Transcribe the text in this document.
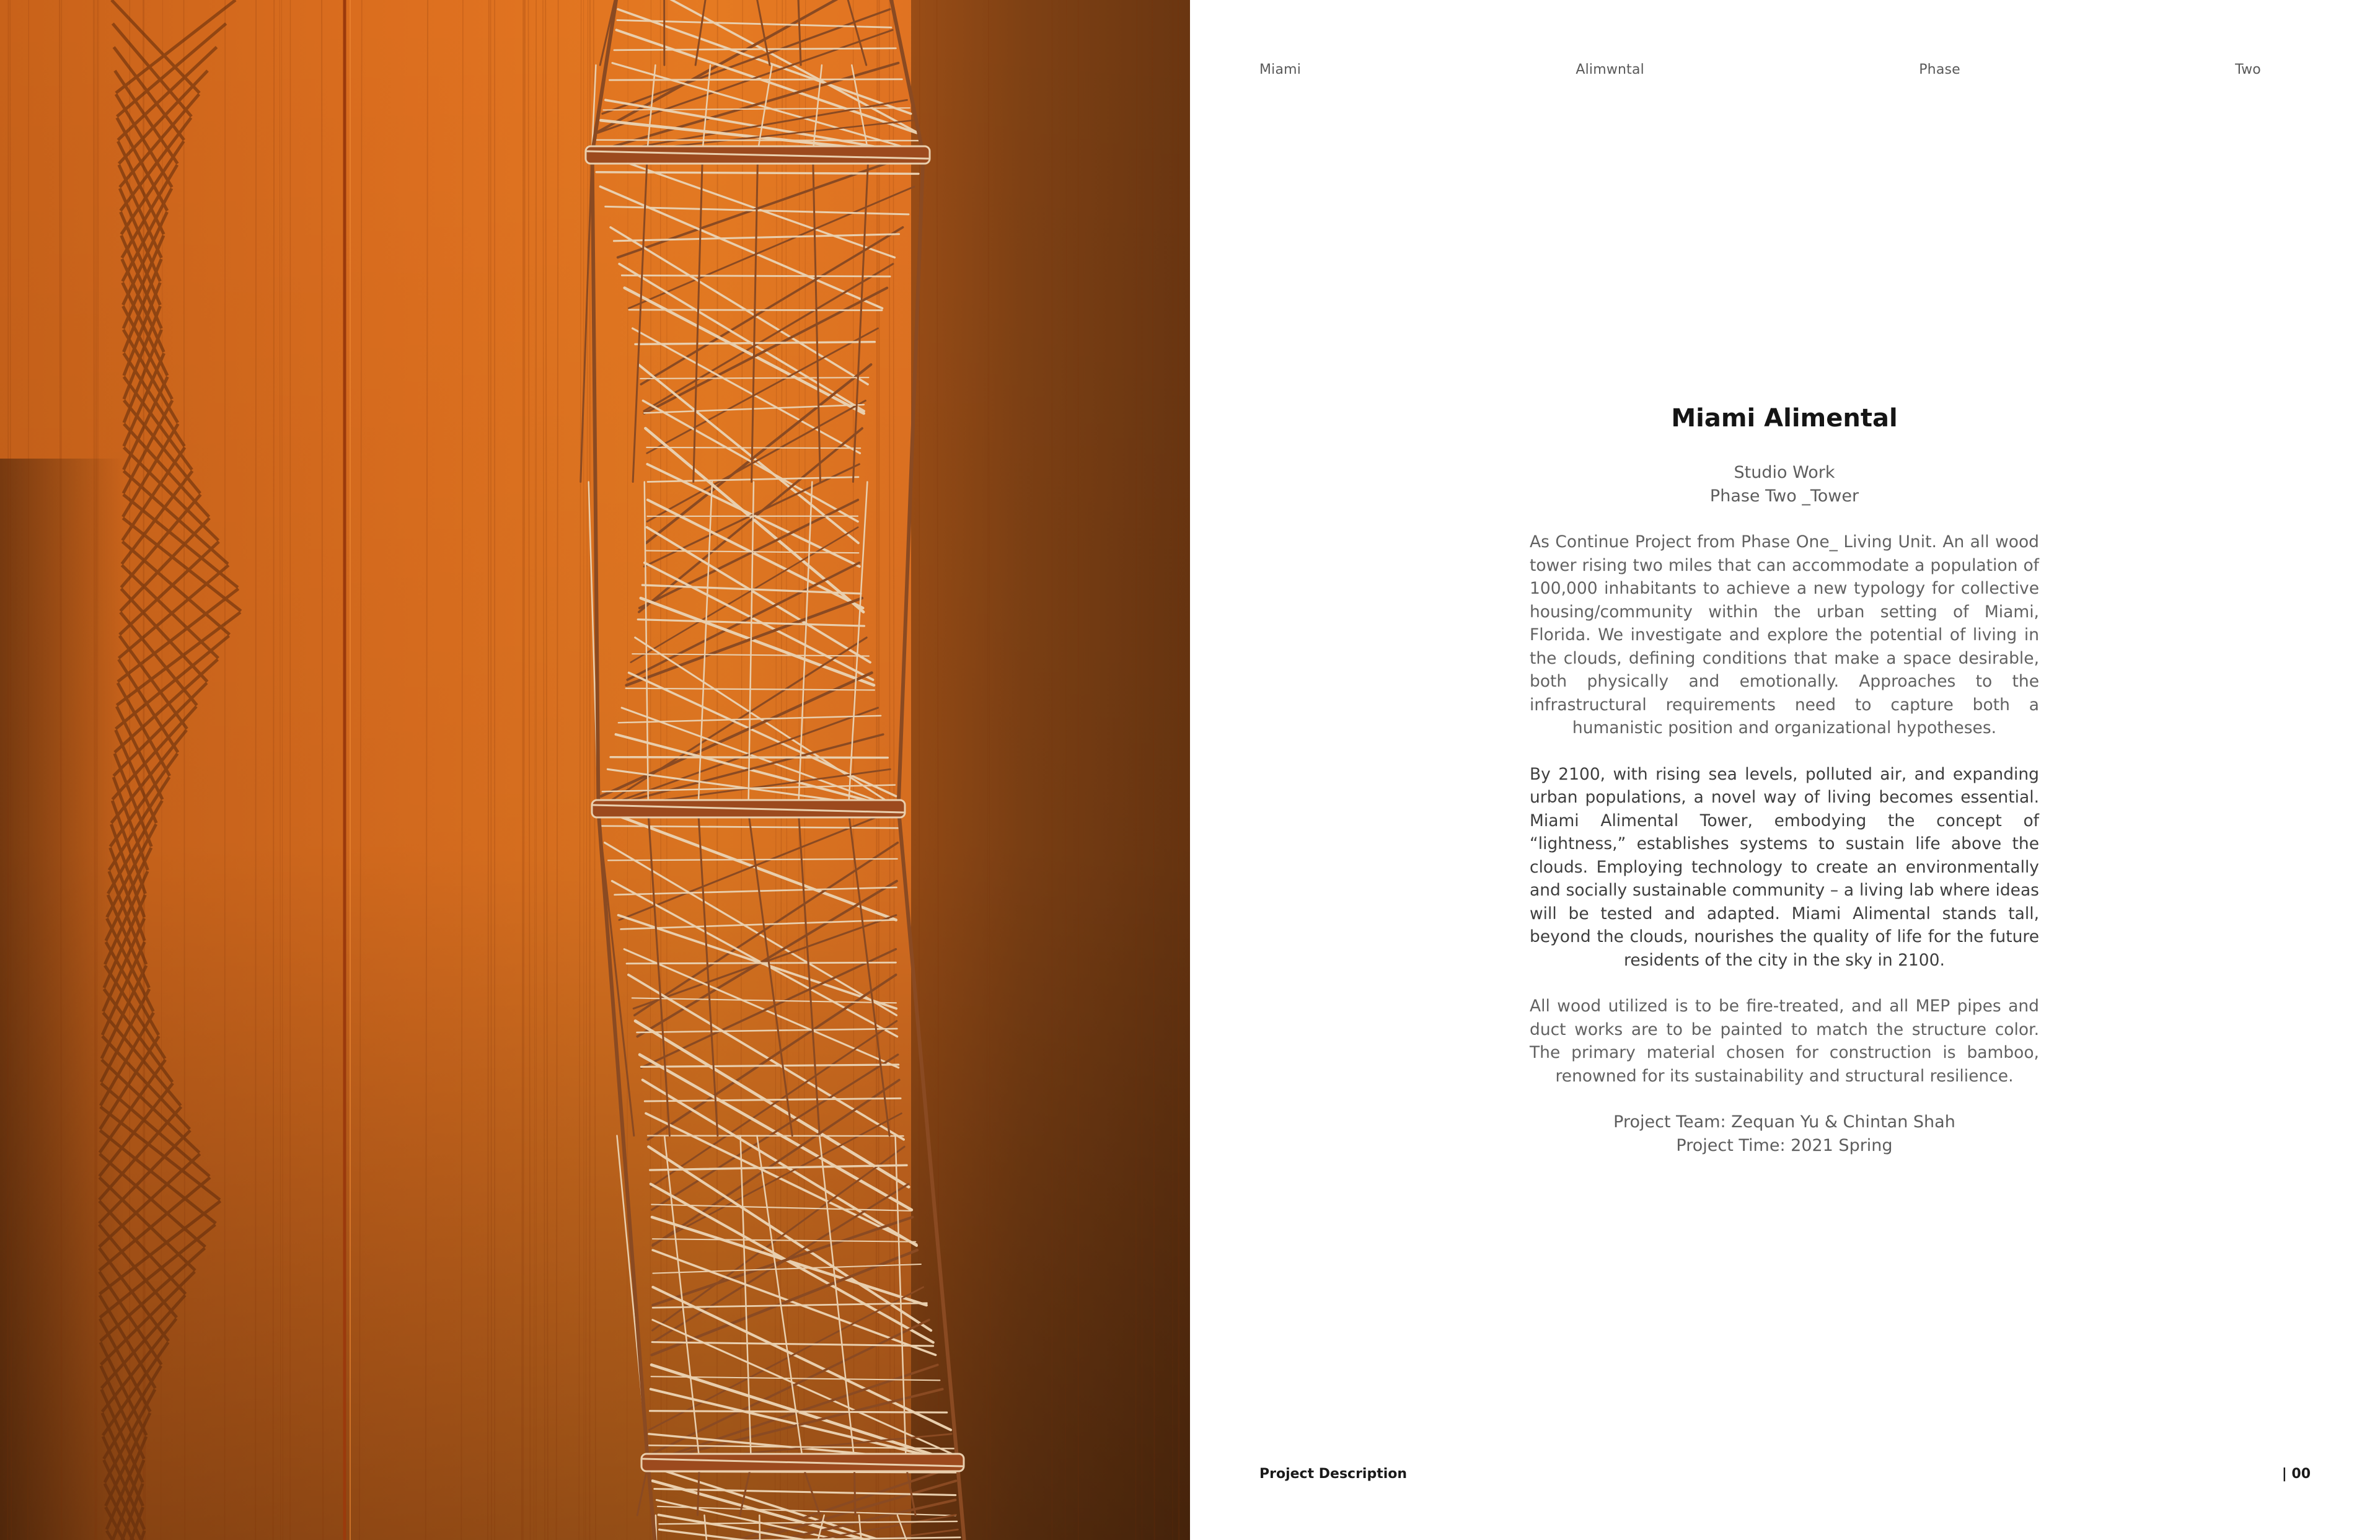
Miami	Alimwntal	Phase	Two
Miami Alimental
Studio Work
Phase Two _Tower

As Continue Project from Phase One_ Living Unit. An all wood tower rising two miles that can accommodate a population of 100,000 inhabitants to achieve a new typology for collective housing/community within the urban setting of Miami, Florida. We investigate and explore the potential of living in the clouds, defining conditions that make a space desirable, both physically and emotionally. Approaches to the infrastructural requirements need to capture both a humanistic position and organizational hypotheses.

By 2100, with rising sea levels, polluted air, and expanding urban populations, a novel way of living becomes essential. Miami Alimental Tower, embodying the concept of “lightness,” establishes systems to sustain life above the clouds. Employing technology to create an environmentally and socially sustainable community – a living lab where ideas will be tested and adapted. Miami Alimental stands tall, beyond the clouds, nourishes the quality of life for the future residents of the city in the sky in 2100.

All wood utilized is to be fire-treated, and all MEP pipes and duct works are to be painted to match the structure color. The primary material chosen for construction is bamboo, renowned for its sustainability and structural resilience.

Project Team: Zequan Yu & Chintan Shah
Project Time: 2021 Spring
Project Description	| 00
